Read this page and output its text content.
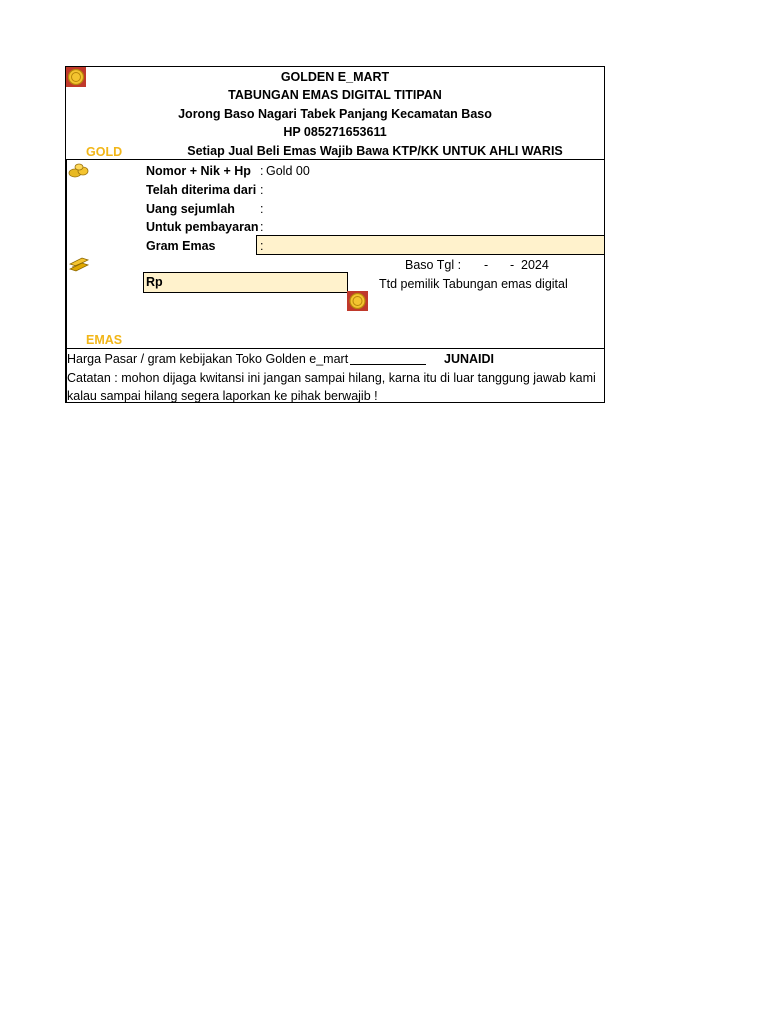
GOLDEN E_MART
TABUNGAN EMAS DIGITAL TITIPAN
Jorong Baso Nagari Tabek Panjang Kecamatan Baso
HP 085271653611
Setiap Jual Beli Emas Wajib Bawa KTP/KK UNTUK AHLI WARIS
GOLD
EMAS
Nomor + Nik + Hp : Gold 00
Telah diterima dari :
Uang sejumlah	:
Untuk pembayaran :
Gram Emas	:
Baso Tgl : - - 2024
Rp	Ttd pemilik Tabungan emas digital
Harga Pasar / gram kebijakan Toko Golden e_mart	JUNAIDI
Catatan : mohon dijaga kwitansi ini jangan sampai hilang, karna itu di luar tanggung jawab kami
kalau sampai hilang segera laporkan ke pihak berwajib !
